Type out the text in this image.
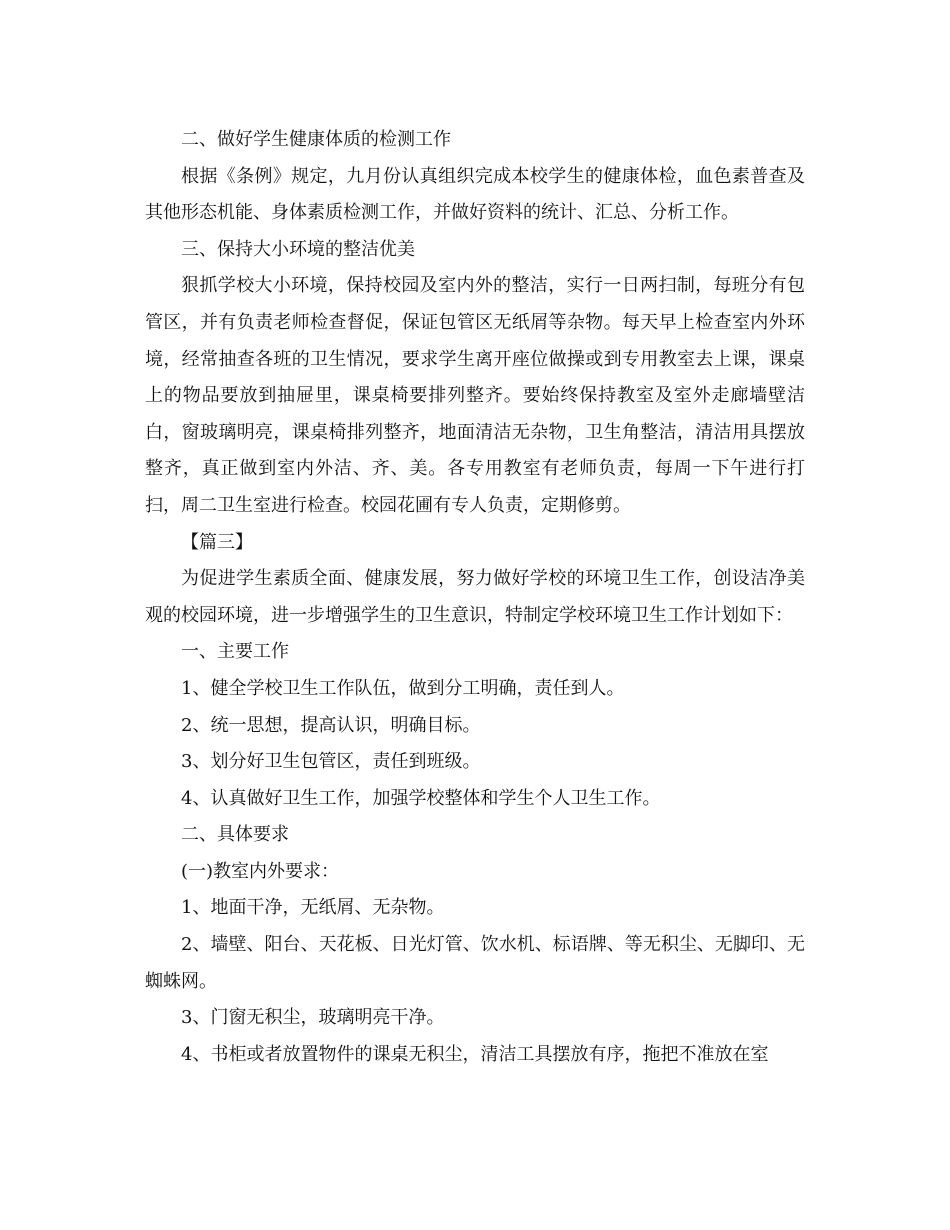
二、做好学生健康体质的检测工作

根据《条例》规定，九月份认真组织完成本校学生的健康体检，血色素普查及其他形态机能、身体素质检测工作，并做好资料的统计、汇总、分析工作。

三、保持大小环境的整洁优美

狠抓学校大小环境，保持校园及室内外的整洁，实行一日两扫制，每班分有包管区，并有负责老师检查督促，保证包管区无纸屑等杂物。每天早上检查室内外环境，经常抽查各班的卫生情况，要求学生离开座位做操或到专用教室去上课，课桌上的物品要放到抽屉里，课桌椅要排列整齐。要始终保持教室及室外走廊墙壁洁白，窗玻璃明亮，课桌椅排列整齐，地面清洁无杂物，卫生角整洁，清洁用具摆放整齐，真正做到室内外洁、齐、美。各专用教室有老师负责，每周一下午进行打扫，周二卫生室进行检查。校园花圃有专人负责，定期修剪。

【篇三】

为促进学生素质全面、健康发展，努力做好学校的环境卫生工作，创设洁净美观的校园环境，进一步增强学生的卫生意识，特制定学校环境卫生工作计划如下：

一、主要工作

1、健全学校卫生工作队伍，做到分工明确，责任到人。

2、统一思想，提高认识，明确目标。

3、划分好卫生包管区，责任到班级。

4、认真做好卫生工作，加强学校整体和学生个人卫生工作。

二、具体要求

(一)教室内外要求：

1、地面干净，无纸屑、无杂物。

2、墙壁、阳台、天花板、日光灯管、饮水机、标语牌、等无积尘、无脚印、无蜘蛛网。

3、门窗无积尘，玻璃明亮干净。

4、书柜或者放置物件的课桌无积尘，清洁工具摆放有序，拖把不准放在室
